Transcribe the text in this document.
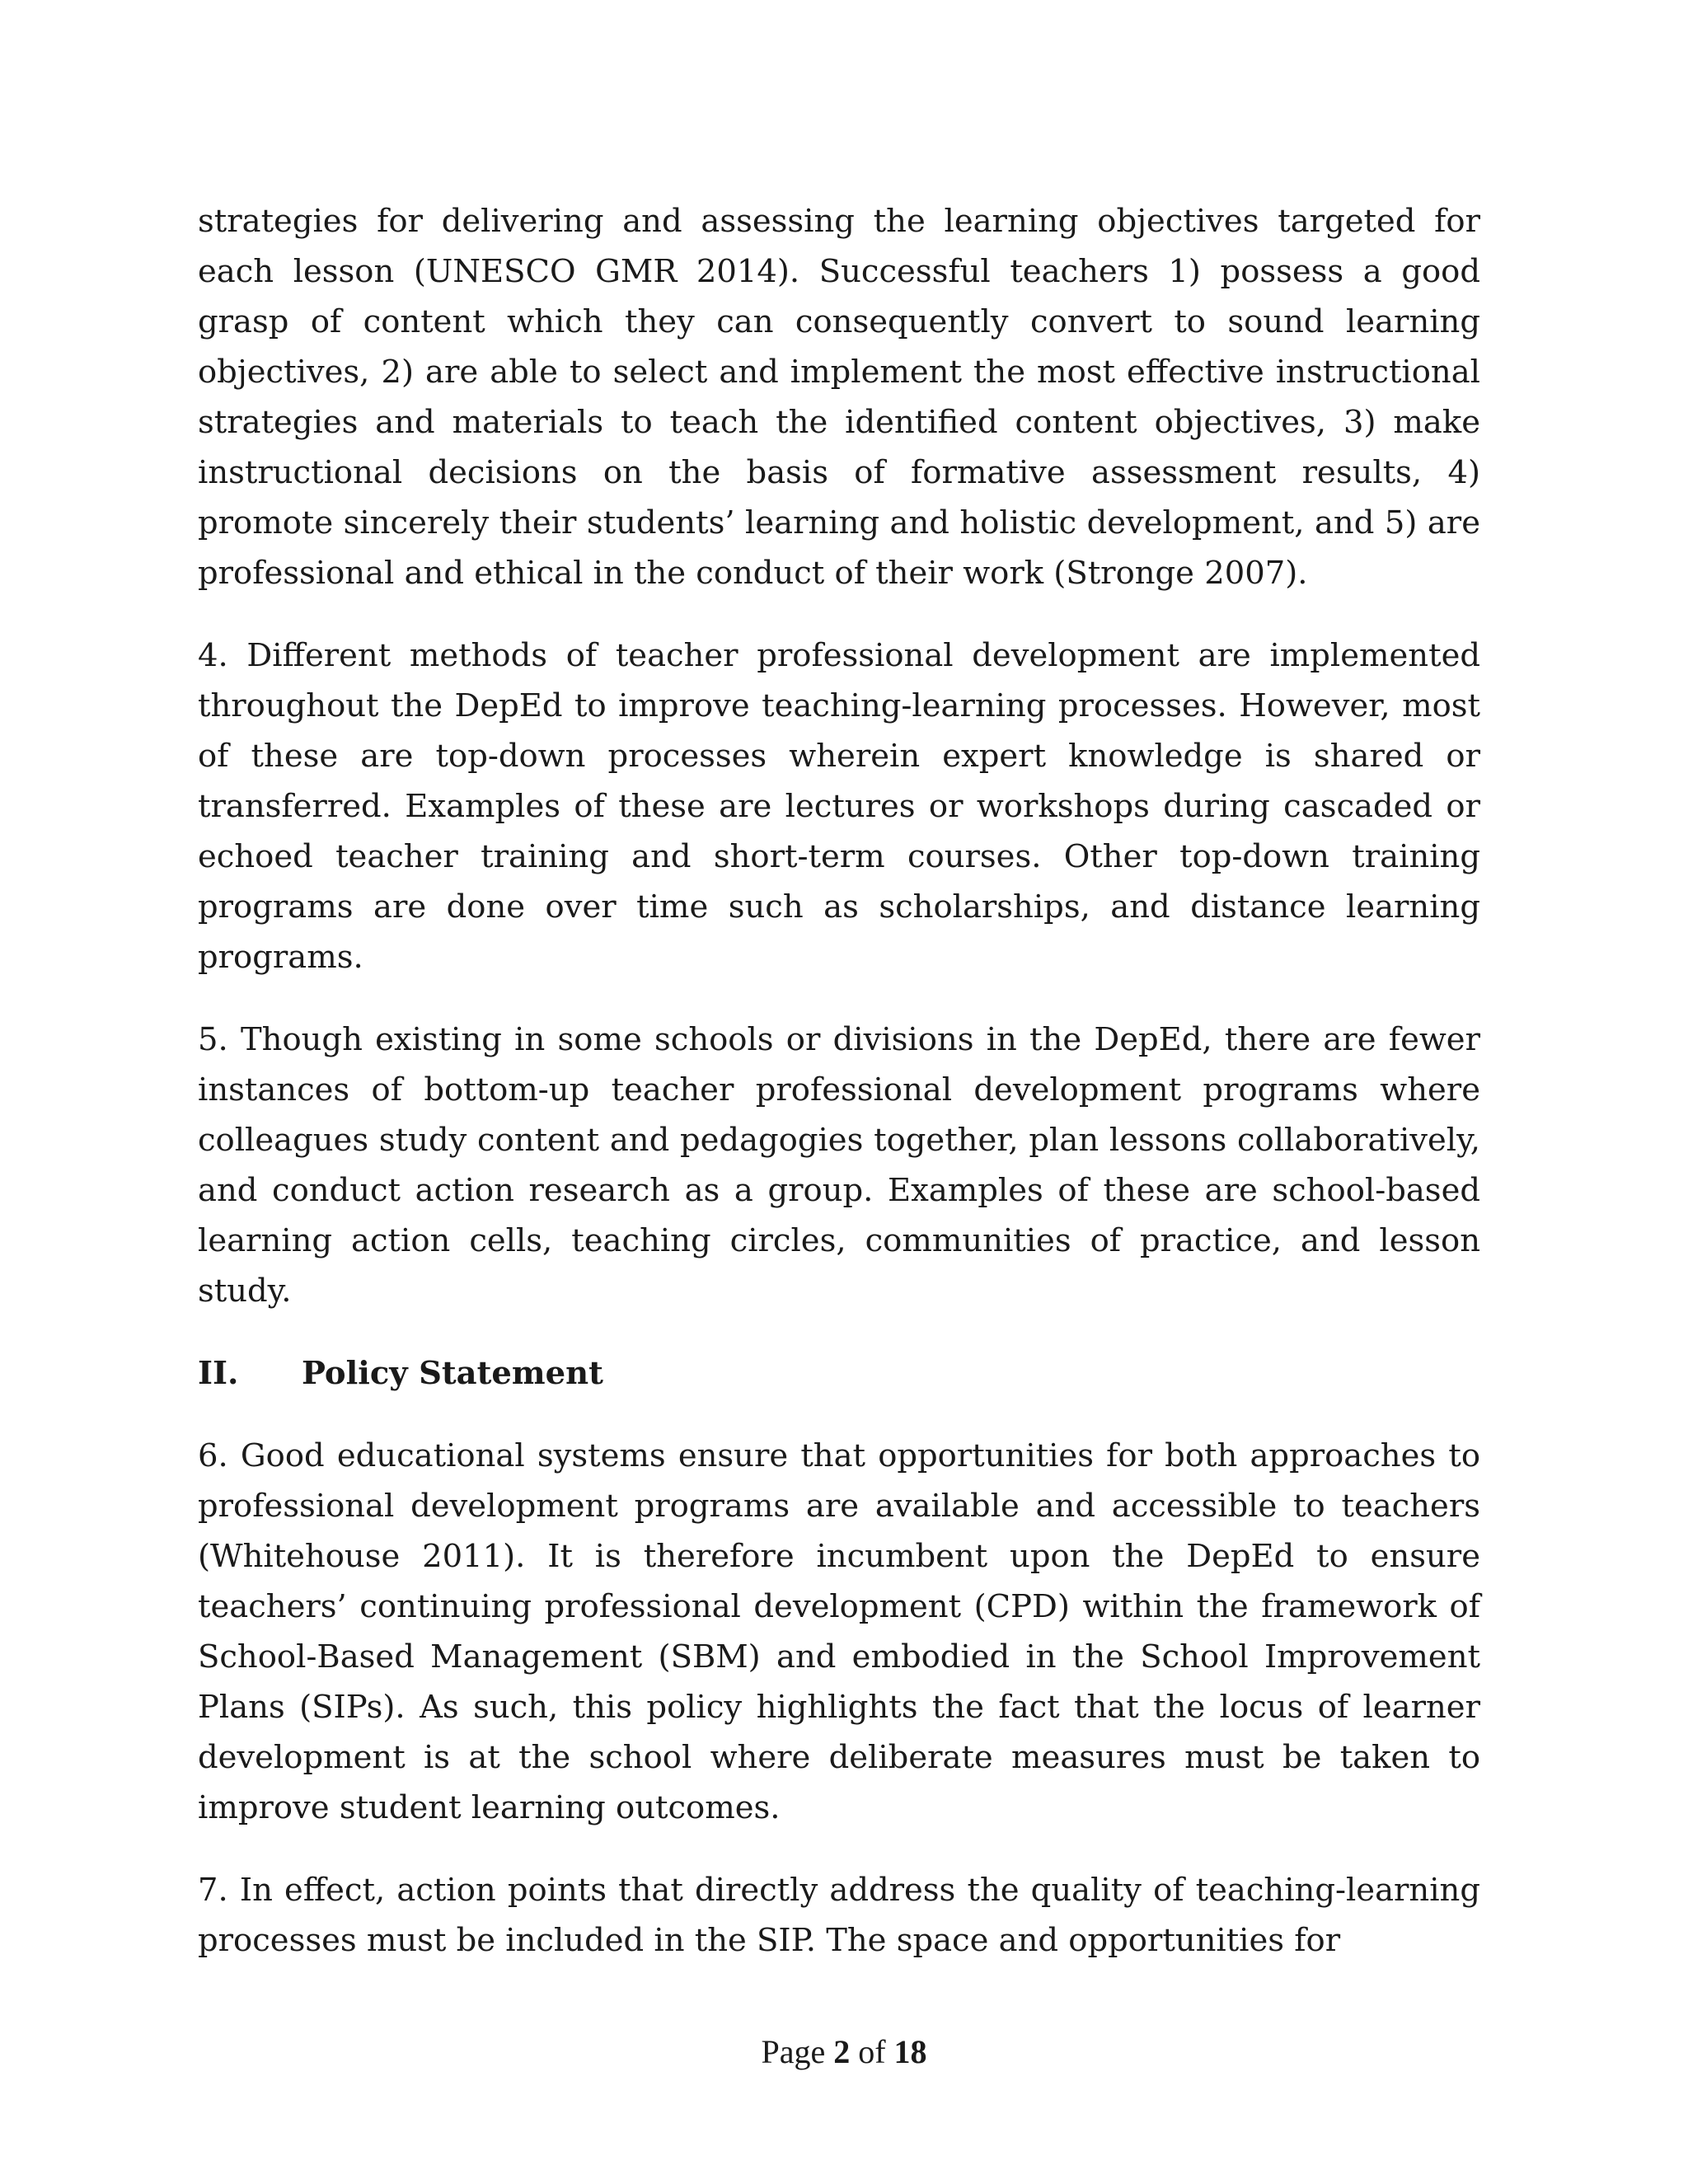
strategies for delivering and assessing the learning objectives targeted for each lesson (UNESCO GMR 2014). Successful teachers 1) possess a good grasp of content which they can consequently convert to sound learning objectives, 2) are able to select and implement the most effective instructional strategies and materials to teach the identified content objectives, 3) make instructional decisions on the basis of formative assessment results, 4) promote sincerely their students’ learning and holistic development, and 5) are professional and ethical in the conduct of their work (Stronge 2007).

4. Different methods of teacher professional development are implemented throughout the DepEd to improve teaching-learning processes. However, most of these are top-down processes wherein expert knowledge is shared or transferred. Examples of these are lectures or workshops during cascaded or echoed teacher training and short-term courses. Other top-down training programs are done over time such as scholarships, and distance learning programs.

5. Though existing in some schools or divisions in the DepEd, there are fewer instances of bottom-up teacher professional development programs where colleagues study content and pedagogies together, plan lessons collaboratively, and conduct action research as a group. Examples of these are school-based learning action cells, teaching circles, communities of practice, and lesson study.

II. Policy Statement

6. Good educational systems ensure that opportunities for both approaches to professional development programs are available and accessible to teachers (Whitehouse 2011). It is therefore incumbent upon the DepEd to ensure teachers’ continuing professional development (CPD) within the framework of School-Based Management (SBM) and embodied in the School Improvement Plans (SIPs). As such, this policy highlights the fact that the locus of learner development is at the school where deliberate measures must be taken to improve student learning outcomes.

7. In effect, action points that directly address the quality of teaching-learning processes must be included in the SIP. The space and opportunities for

Page 2 of 18
